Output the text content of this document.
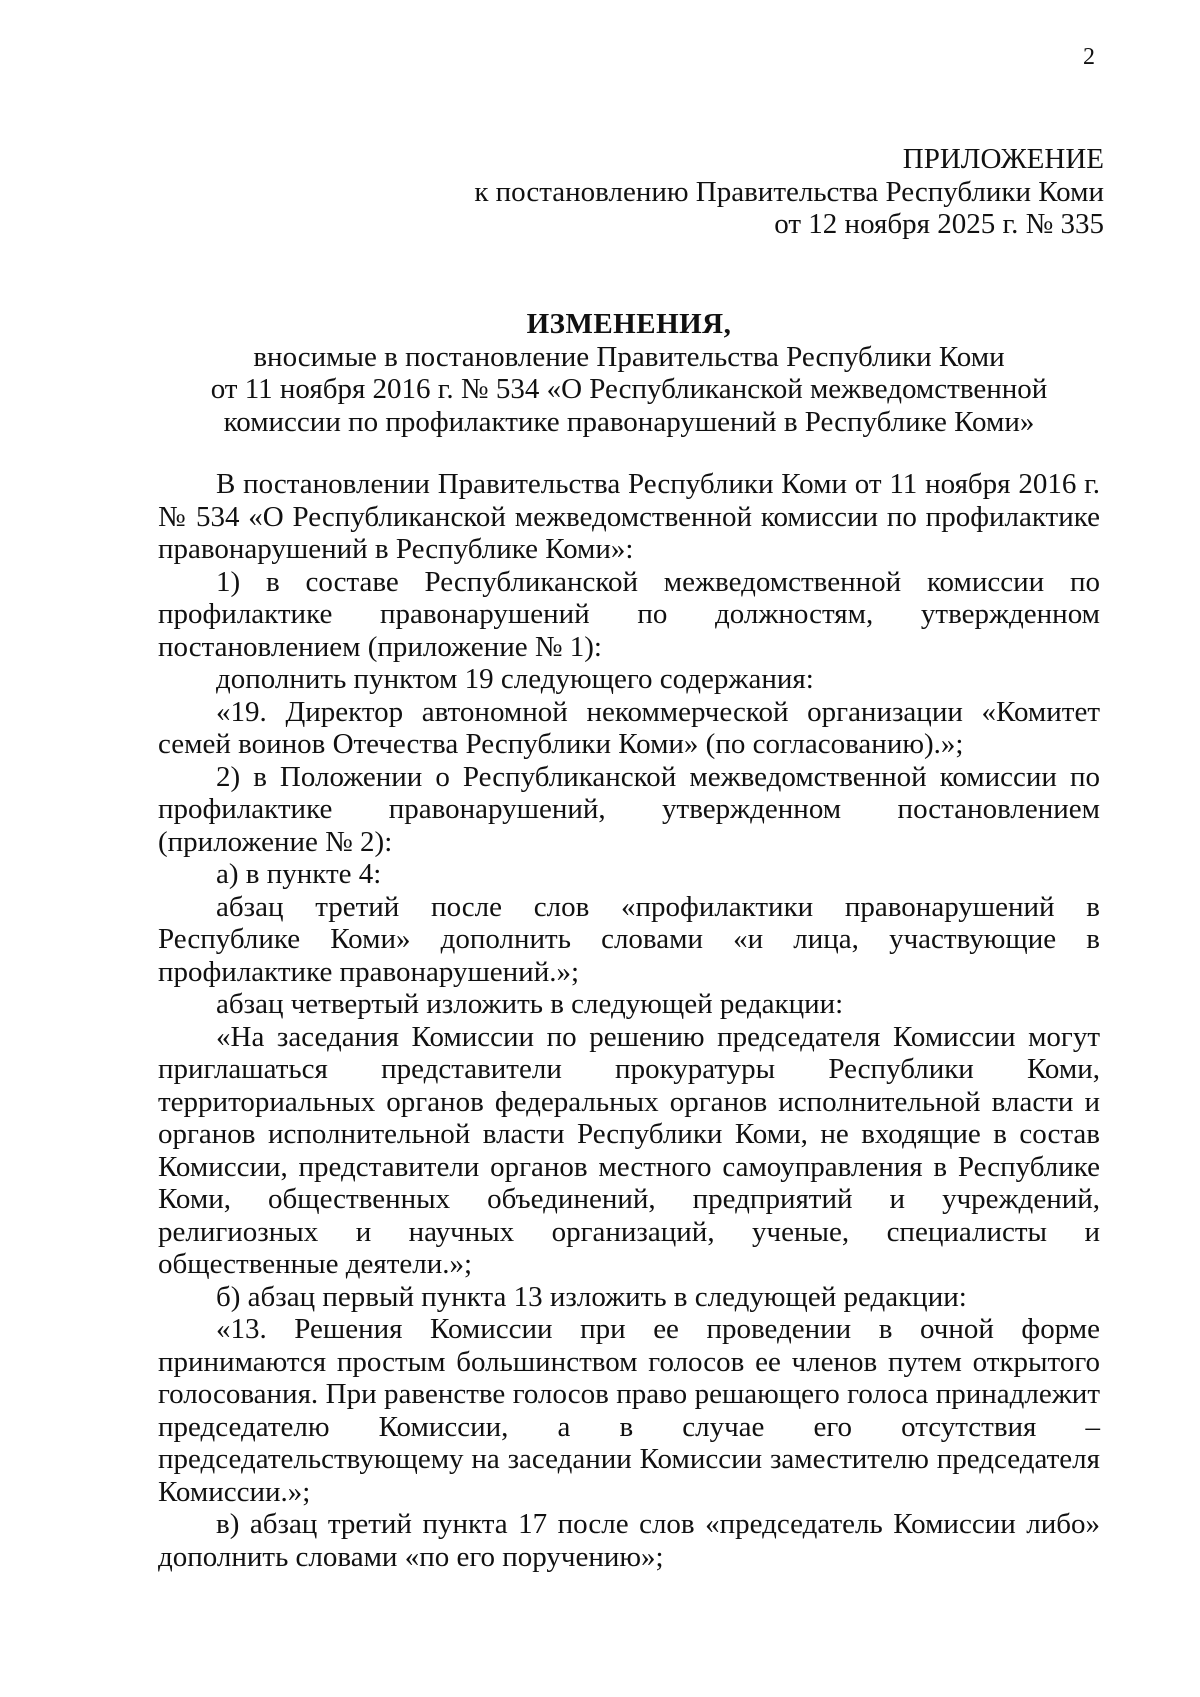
2
ПРИЛОЖЕНИЕ
к постановлению Правительства Республики Коми
от 12 ноября 2025 г. № 335
ИЗМЕНЕНИЯ,
вносимые в постановление Правительства Республики Коми
от 11 ноября 2016 г. № 534 «О Республиканской межведомственной
комиссии по профилактике правонарушений в Республике Коми»

В постановлении Правительства Республики Коми от 11 ноября 2016 г. № 534 «О Республиканской межведомственной комиссии по профилактике правонарушений в Республике Коми»:

1) в составе Республиканской межведомственной комиссии по профилактике правонарушений по должностям, утвержденном постановлением (приложение № 1):

дополнить пунктом 19 следующего содержания:

«19. Директор автономной некоммерческой организации «Комитет семей воинов Отечества Республики Коми» (по согласованию).»;

2) в Положении о Республиканской межведомственной комиссии по профилактике правонарушений, утвержденном постановлением (приложение № 2):

а) в пункте 4:

абзац третий после слов «профилактики правонарушений в Республике Коми» дополнить словами «и лица, участвующие в профилактике правонарушений.»;

абзац четвертый изложить в следующей редакции:

«На заседания Комиссии по решению председателя Комиссии могут приглашаться представители прокуратуры Республики Коми, территориальных органов федеральных органов исполнительной власти и органов исполнительной власти Республики Коми, не входящие в состав Комиссии, представители органов местного самоуправления в Республике Коми, общественных объединений, предприятий и учреждений, религиозных и научных организаций, ученые, специалисты и общественные деятели.»;

б) абзац первый пункта 13 изложить в следующей редакции:

«13. Решения Комиссии при ее проведении в очной форме принимаются простым большинством голосов ее членов путем открытого голосования. При равенстве голосов право решающего голоса принадлежит председателю Комиссии, а в случае его отсутствия – председательствующему на заседании Комиссии заместителю председателя Комиссии.»;

в) абзац третий пункта 17 после слов «председатель Комиссии либо» дополнить словами «по его поручению»;
